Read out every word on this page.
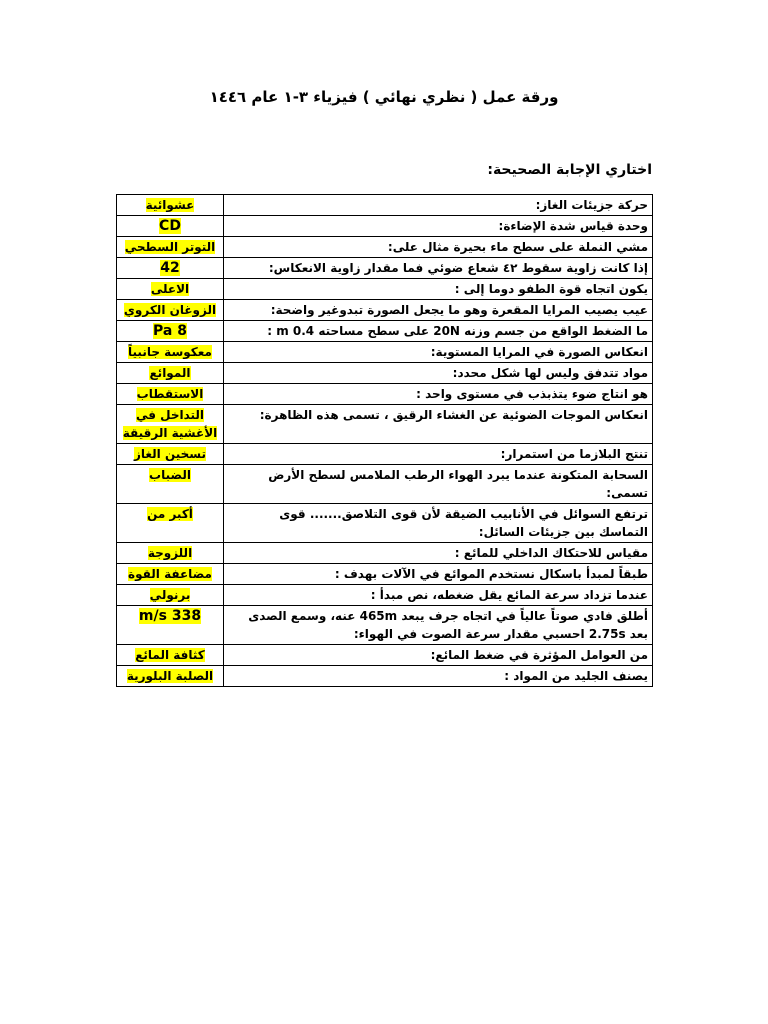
ورقة عمل ( نظري نهائي ) فيزياء ٣-١ عام ١٤٤٦
اختاري الإجابة الصحيحة:
حركة جزيئات الغاز:	عشوائية
وحدة قياس شدة الإضاءة:	CD
مشي النملة على سطح ماء بحيرة مثال على:	التوتر السطحي
إذا كانت زاوية سقوط ٤٢ شعاع ضوئي فما مقدار زاوية الانعكاس:	42
يكون اتجاه قوة الطفو دوما إلى :	الاعلى
عيب يصيب المرايا المقعرة وهو ما يجعل الصورة تبدوغير واضحة:	الزوغان الكروي
ما الضغط الواقع من جسم وزنه 20N على سطح مساحته 0.4 m :	8 Pa
انعكاس الصورة في المرايا المستوية:	معكوسة جانبياً
مواد تتدفق وليس لها شكل محدد:	الموائع
هو انتاج ضوء يتذبذب في مستوى واحد :	الاستقطاب
انعكاس الموجات الضوئية عن الغشاء الرقيق ، تسمى هذه الظاهرة:	التداخل في الأغشية الرقيقة
تنتج البلازما من استمرار:	تسخين الغاز
السحابة المتكونة عندما يبرد الهواء الرطب الملامس لسطح الأرض تسمى:	الضباب
ترتفع السوائل في الأنابيب الضيقة لأن قوى التلاصق....... قوى التماسك بين جزيئات السائل:	أكبر من
مقياس للاحتكاك الداخلي للمائع :	اللزوجة
طبقاً لمبدأ باسكال نستخدم الموائع في الآلات بهدف :	مضاعفة القوة
عندما تزداد سرعة المائع يقل ضغطه، نص مبدأ :	برنولي
أطلق فادي صوتاً عالياً في اتجاه جرف يبعد 465m عنه، وسمع الصدى بعد 2.75s احسبي مقدار سرعة الصوت في الهواء:	338 m/s
من العوامل المؤثرة في ضغط المائع:	كثافة المائع
يصنف الجليد من المواد :	الصلبة البلورية
